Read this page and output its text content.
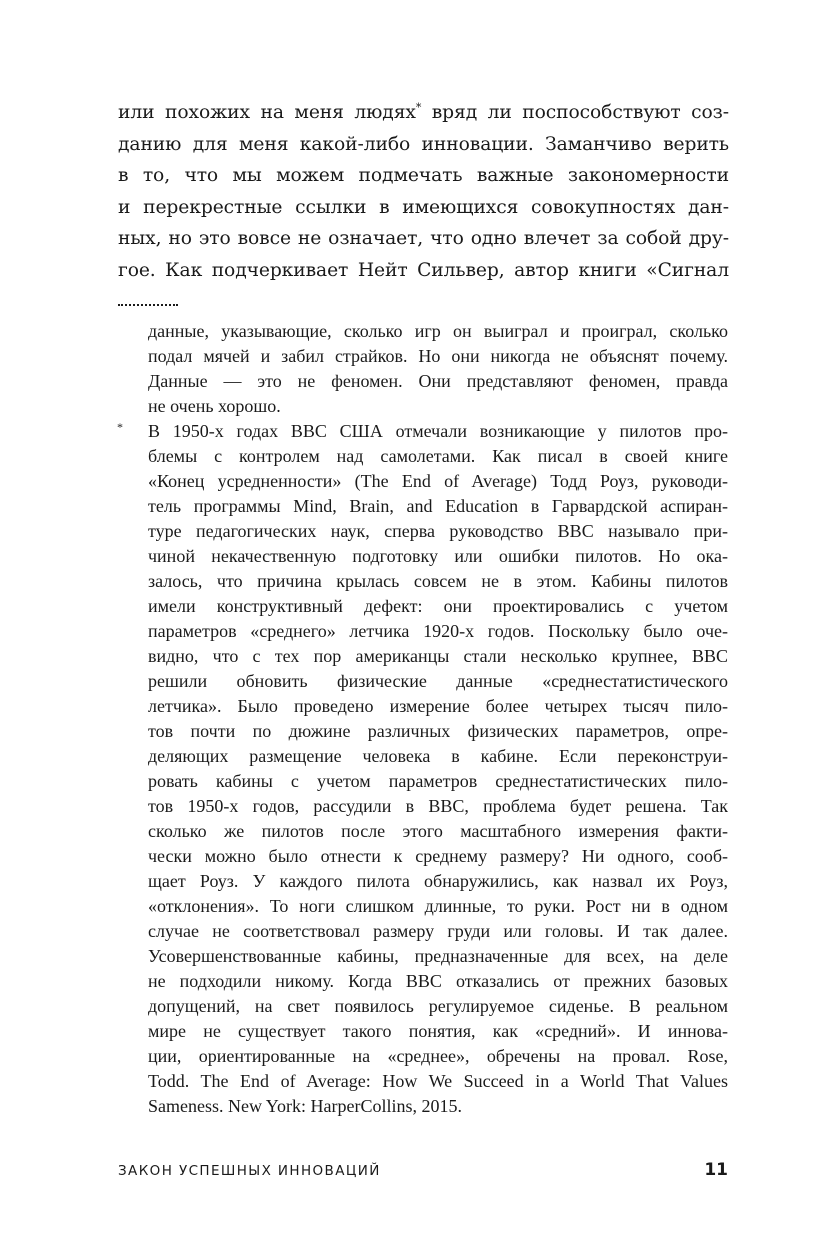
или похожих на меня людях* вряд ли поспособствуют соз-
данию для меня какой-либо инновации. Заманчиво верить
в то, что мы можем подмечать важные закономерности
и перекрестные ссылки в имеющихся совокупностях дан-
ных, но это вовсе не означает, что одно влечет за собой дру-
гое. Как подчеркивает Нейт Сильвер, автор книги «Сигнал
*
данные, указывающие, сколько игр он выиграл и проиграл, сколько
подал мячей и забил страйков. Но они никогда не объяснят почему.
Данные — это не феномен. Они представляют феномен, правда
не очень хорошо.
В 1950-х годах ВВС США отмечали возникающие у пилотов про-
блемы с контролем над самолетами. Как писал в своей книге
«Конец усредненности» (The End of Average) Тодд Роуз, руководи-
тель программы Mind, Brain, and Education в Гарвардской аспиран-
туре педагогических наук, сперва руководство ВВС называло при-
чиной некачественную подготовку или ошибки пилотов. Но ока-
залось, что причина крылась совсем не в этом. Кабины пилотов
имели конструктивный дефект: они проектировались с учетом
параметров «среднего» летчика 1920-х годов. Поскольку было оче-
видно, что с тех пор американцы стали несколько крупнее, ВВС
решили обновить физические данные «среднестатистического
летчика». Было проведено измерение более четырех тысяч пило-
тов почти по дюжине различных физических параметров, опре-
деляющих размещение человека в кабине. Если переконструи-
ровать кабины с учетом параметров среднестатистических пило-
тов 1950-х годов, рассудили в ВВС, проблема будет решена. Так
сколько же пилотов после этого масштабного измерения факти-
чески можно было отнести к среднему размеру? Ни одного, сооб-
щает Роуз. У каждого пилота обнаружились, как назвал их Роуз,
«отклонения». То ноги слишком длинные, то руки. Рост ни в одном
случае не соответствовал размеру груди или головы. И так далее.
Усовершенствованные кабины, предназначенные для всех, на деле
не подходили никому. Когда ВВС отказались от прежних базовых
допущений, на свет появилось регулируемое сиденье. В реальном
мире не существует такого понятия, как «средний». И иннова-
ции, ориентированные на «среднее», обречены на провал. Rose,
Todd. The End of Average: How We Succeed in a World That Values
Sameness. New York: HarperCollins, 2015.
ЗАКОН УСПЕШНЫХ ИННОВАЦИЙ	11
